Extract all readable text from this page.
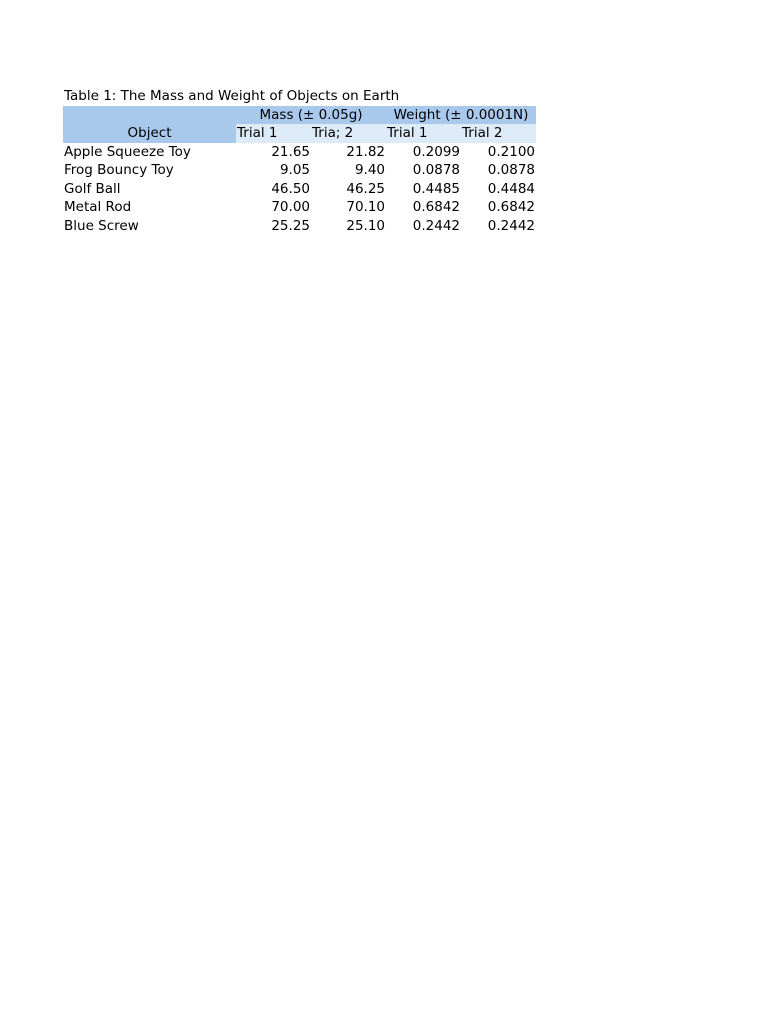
Table 1: The Mass and Weight of Objects on Earth
	Mass (± 0.05g)		Weight (± 0.0001N)	
Object	Trial 1	Tria; 2	Trial 1	Trial 2
Apple Squeeze Toy	21.65	21.82	0.2099	0.2100
Frog Bouncy Toy	9.05	9.40	0.0878	0.0878
Golf Ball	46.50	46.25	0.4485	0.4484
Metal Rod	70.00	70.10	0.6842	0.6842
Blue Screw	25.25	25.10	0.2442	0.2442
